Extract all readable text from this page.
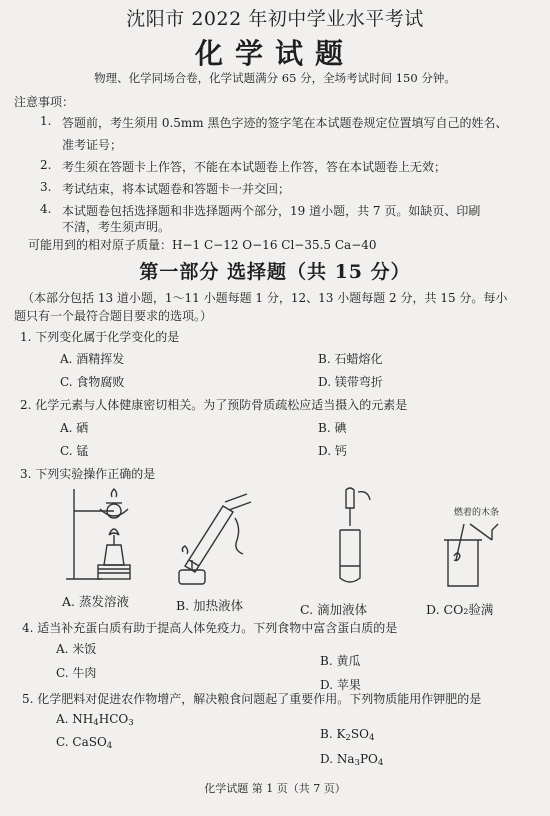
沈阳市 2022 年初中学业水平考试
化学试题
物理、化学同场合卷，化学试题满分 65 分，全场考试时间 150 分钟。
注意事项：
1. 答题前，考生须用 0.5mm 黑色字迹的签字笔在本试题卷规定位置填写自己的姓名、
准考证号；
2. 考生须在答题卡上作答，不能在本试题卷上作答，答在本试题卷上无效；
3. 考试结束，将本试题卷和答题卡一并交回；
4. 本试题卷包括选择题和非选择题两个部分，19 道小题，共 7 页。如缺页、印刷
不清，考生须声明。
可能用到的相对原子质量：H−1 C−12 O−16 Cl−35.5 Ca−40
第一部分 选择题（共 15 分）
（本部分包括 13 道小题，1～11 小题每题 1 分，12、13 小题每题 2 分，共 15 分。每小
题只有一个最符合题目要求的选项。）
1. 下列变化属于化学变化的是
A. 酒精挥发	B. 石蜡熔化
C. 食物腐败	D. 镁带弯折
2. 化学元素与人体健康密切相关。为了预防骨质疏松应适当摄入的元素是
A. 硒	B. 碘
C. 锰	D. 钙
3. 下列实验操作正确的是
燃着的木条
A. 蒸发溶液	B. 加热液体	C. 滴加液体	D. CO₂验满
4. 适当补充蛋白质有助于提高人体免疫力。下列食物中富含蛋白质的是
A. 米饭
B. 黄瓜
C. 牛肉
D. 苹果
5. 化学肥料对促进农作物增产，解决粮食问题起了重要作用。下列物质能用作钾肥的是
A. $NH_4HCO_3$
B. $K_2SO_4$
C. CaSO$_4$
D. $Na_3PO_4$
化学试题 第 1 页（共 7 页）
